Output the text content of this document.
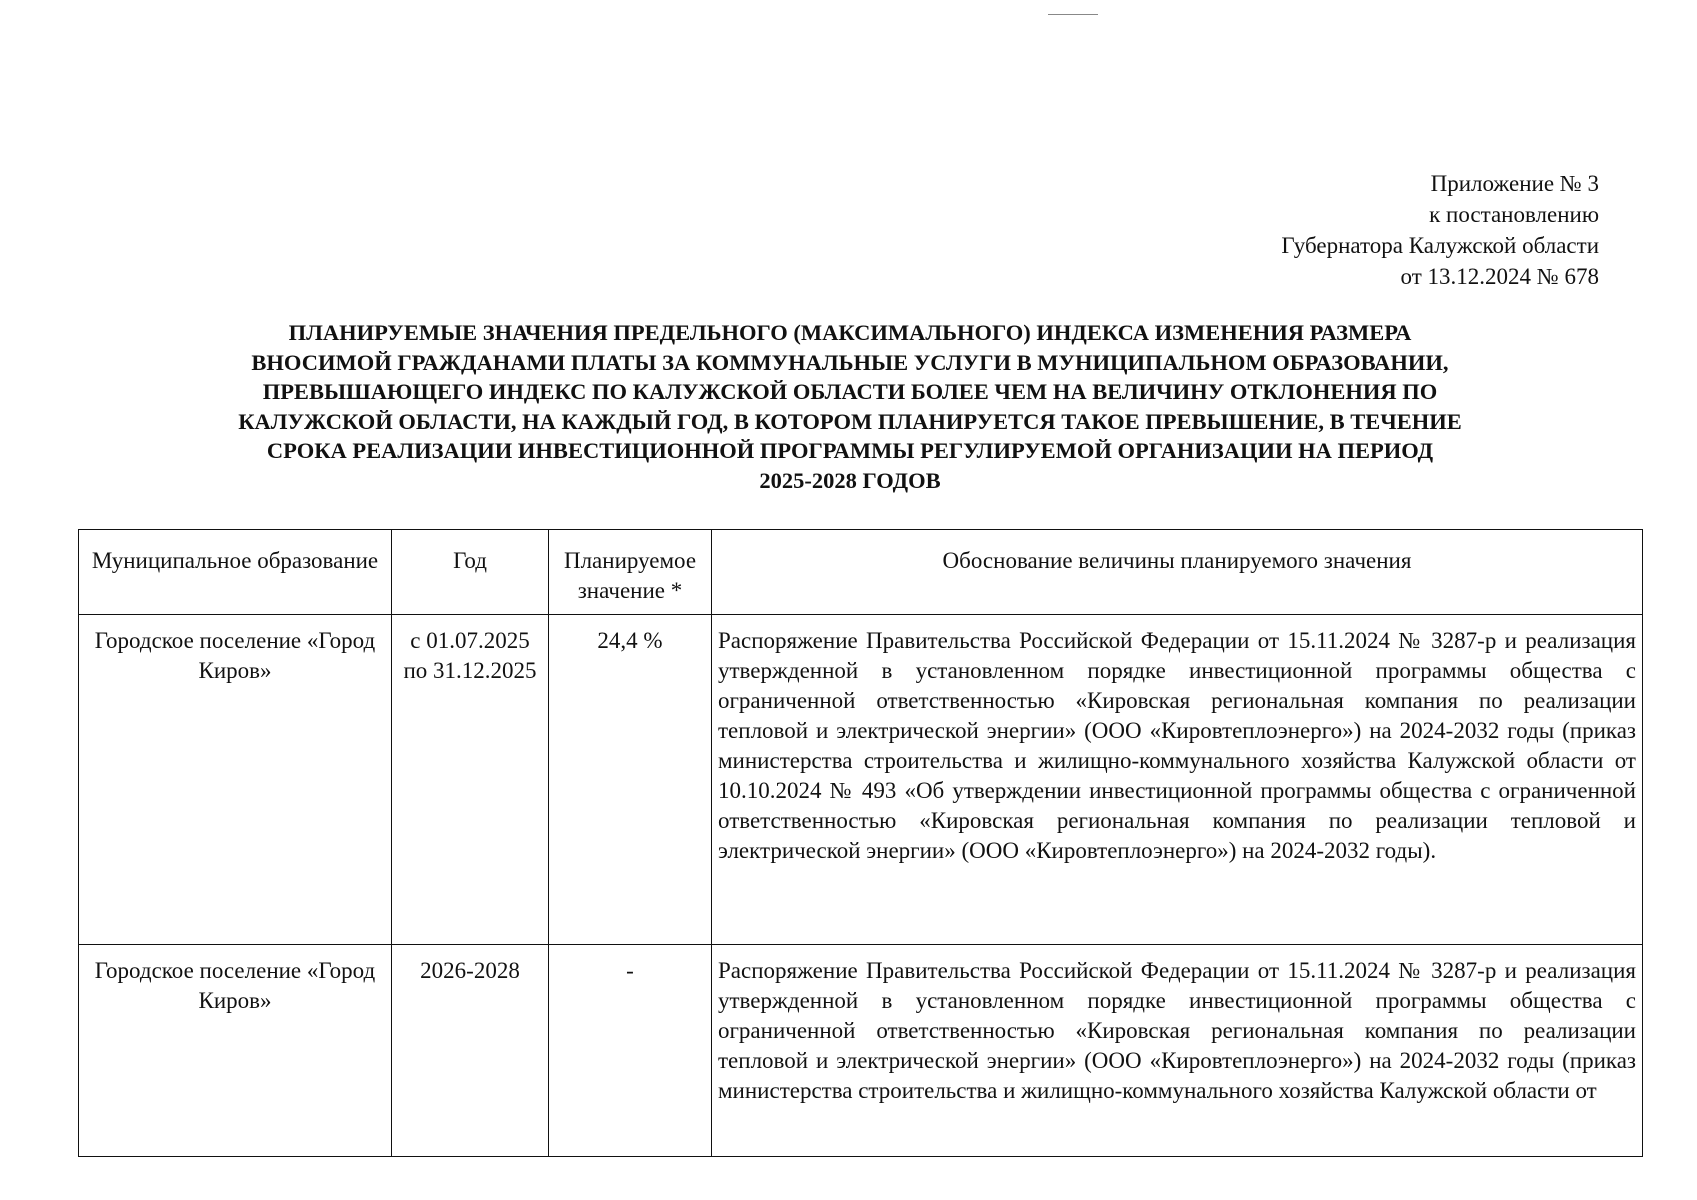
Приложение № 3
к постановлению
Губернатора Калужской области
от 13.12.2024 № 678
ПЛАНИРУЕМЫЕ ЗНАЧЕНИЯ ПРЕДЕЛЬНОГО (МАКСИМАЛЬНОГО) ИНДЕКСА ИЗМЕНЕНИЯ РАЗМЕРА
ВНОСИМОЙ ГРАЖДАНАМИ ПЛАТЫ ЗА КОММУНАЛЬНЫЕ УСЛУГИ В МУНИЦИПАЛЬНОМ ОБРАЗОВАНИИ,
ПРЕВЫШАЮЩЕГО ИНДЕКС ПО КАЛУЖСКОЙ ОБЛАСТИ БОЛЕЕ ЧЕМ НА ВЕЛИЧИНУ ОТКЛОНЕНИЯ ПО
КАЛУЖСКОЙ ОБЛАСТИ, НА КАЖДЫЙ ГОД, В КОТОРОМ ПЛАНИРУЕТСЯ ТАКОЕ ПРЕВЫШЕНИЕ, В ТЕЧЕНИЕ
СРОКА РЕАЛИЗАЦИИ ИНВЕСТИЦИОННОЙ ПРОГРАММЫ РЕГУЛИРУЕМОЙ ОРГАНИЗАЦИИ НА ПЕРИОД
2025-2028 ГОДОВ
Муниципальное образование	Год	Планируемое значение *	Обоснование величины планируемого значения
Городское поселение «Город Киров»	с 01.07.2025 по 31.12.2025	24,4 %	Распоряжение Правительства Российской Федерации от 15.11.2024 № 3287-р и реализация утвержденной в установленном порядке инвестиционной программы общества с ограниченной ответственностью «Кировская региональная компания по реализации тепловой и электрической энергии» (ООО «Кировтеплоэнерго») на 2024-2032 годы (приказ министерства строительства и жилищно-коммунального хозяйства Калужской области от 10.10.2024 № 493 «Об утверждении инвестиционной программы общества с ограниченной ответственностью «Кировская региональная компания по реализации тепловой и электрической энергии» (ООО «Кировтеплоэнерго») на 2024-2032 годы).
Городское поселение «Город Киров»	2026-2028	-	Распоряжение Правительства Российской Федерации от 15.11.2024 № 3287-р и реализация утвержденной в установленном порядке инвестиционной программы общества с ограниченной ответственностью «Кировская региональная компания по реализации тепловой и электрической энергии» (ООО «Кировтеплоэнерго») на 2024-2032 годы (приказ министерства строительства и жилищно-коммунального хозяйства Калужской области от
